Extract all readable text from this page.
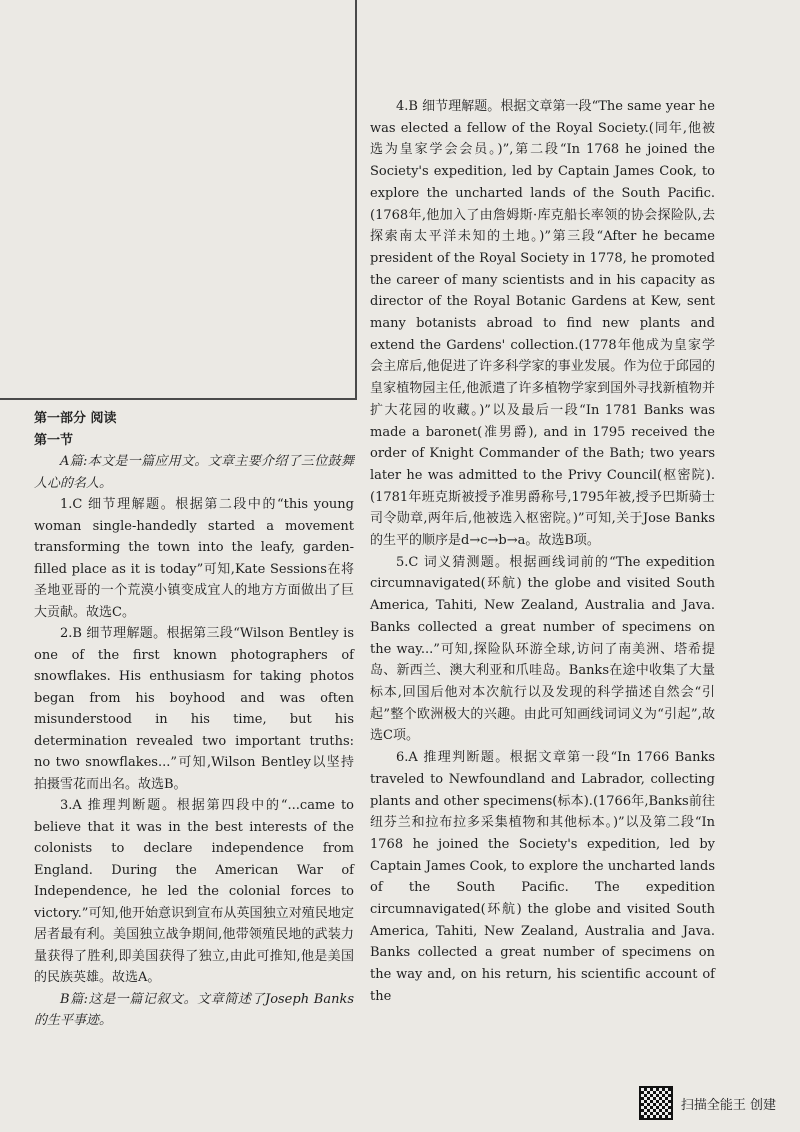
第一部分 阅读

第一节

A篇:本文是一篇应用文。文章主要介绍了三位鼓舞人心的名人。

1.C 细节理解题。根据第二段中的“this young woman single-handedly started a movement transforming the town into the leafy, garden-filled place as it is today”可知,Kate Sessions在将圣地亚哥的一个荒漠小镇变成宜人的地方方面做出了巨大贡献。故选C。

2.B 细节理解题。根据第三段“Wilson Bentley is one of the first known photographers of snowflakes. His enthusiasm for taking photos began from his boyhood and was often misunderstood in his time, but his determination revealed two important truths: no two snowflakes...”可知,Wilson Bentley以坚持拍摄雪花而出名。故选B。

3.A 推理判断题。根据第四段中的“...came to believe that it was in the best interests of the colonists to declare independence from England. During the American War of Independence, he led the colonial forces to victory.”可知,他开始意识到宣布从英国独立对殖民地定居者最有利。美国独立战争期间,他带领殖民地的武装力量获得了胜利,即美国获得了独立,由此可推知,他是美国的民族英雄。故选A。

B篇:这是一篇记叙文。文章简述了Joseph Banks的生平事迹。

4.B 细节理解题。根据文章第一段“The same year he was elected a fellow of the Royal Society.(同年,他被选为皇家学会会员。)”,第二段“In 1768 he joined the Society's expedition, led by Captain James Cook, to explore the uncharted lands of the South Pacific.(1768年,他加入了由詹姆斯·库克船长率领的协会探险队,去探索南太平洋未知的土地。)”第三段“After he became president of the Royal Society in 1778, he promoted the career of many scientists and in his capacity as director of the Royal Botanic Gardens at Kew, sent many botanists abroad to find new plants and extend the Gardens' collection.(1778年他成为皇家学会主席后,他促进了许多科学家的事业发展。作为位于邱园的皇家植物园主任,他派遣了许多植物学家到国外寻找新植物并扩大花园的收藏。)”以及最后一段“In 1781 Banks was made a baronet(准男爵), and in 1795 received the order of Knight Commander of the Bath; two years later he was admitted to the Privy Council(枢密院).(1781年班克斯被授予准男爵称号,1795年被,授予巴斯骑士司令勋章,两年后,他被选入枢密院。)”可知,关于Jose Banks的生平的顺序是d→c→b→a。故选B项。

5.C 词义猜测题。根据画线词前的“The expedition circumnavigated(环航) the globe and visited South America, Tahiti, New Zealand, Australia and Java. Banks collected a great number of specimens on the way...”可知,探险队环游全球,访问了南美洲、塔希提岛、新西兰、澳大利亚和爪哇岛。Banks在途中收集了大量标本,回国后他对本次航行以及发现的科学描述自然会“引起”整个欧洲极大的兴趣。由此可知画线词词义为“引起”,故选C项。

6.A 推理判断题。根据文章第一段“In 1766 Banks traveled to Newfoundland and Labrador, collecting plants and other specimens(标本).(1766年,Banks前往纽芬兰和拉布拉多采集植物和其他标本。)”以及第二段“In 1768 he joined the Society's expedition, led by Captain James Cook, to explore the uncharted lands of the South Pacific. The expedition circumnavigated(环航) the globe and visited South America, Tahiti, New Zealand, Australia and Java. Banks collected a great number of specimens on the way and, on his return, his scientific account of the

扫描全能王 创建
